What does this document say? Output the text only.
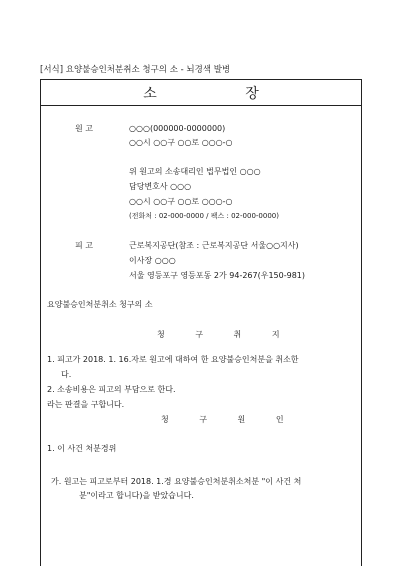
[서식] 요양불승인처분취소 청구의 소 - 뇌경색 발병
소 장
원 고	○○○(000000-0000000)
○○시 ○○구 ○○로 ○○○-○
위 원고의 소송대리인 법무법인 ○○○
담당변호사 ○○○
○○시 ○○구 ○○로 ○○○-○
(전화처 : 02-000-0000 / 팩스 : 02-000-0000)
피 고	근로복지공단(참조 : 근로복지공단 서울○○지사)
이사장 ○○○
서울 영등포구 영등포동 2가 94-267(우150-981)
요양불승인처분취소 청구의 소
청 구 취 지
1. 피고가 2018. 1. 16.자로 원고에 대하여 한 요양불승인처분을 취소한
다.
2. 소송비용은 피고의 부담으로 한다.
라는 판결을 구합니다.
청 구 원 인
1. 이 사건 처분경위
가. 원고는 피고로부터 2018. 1.경 요양불승인처분취소처분 "이 사건 처
분"이라고 합니다)을 받았습니다.
